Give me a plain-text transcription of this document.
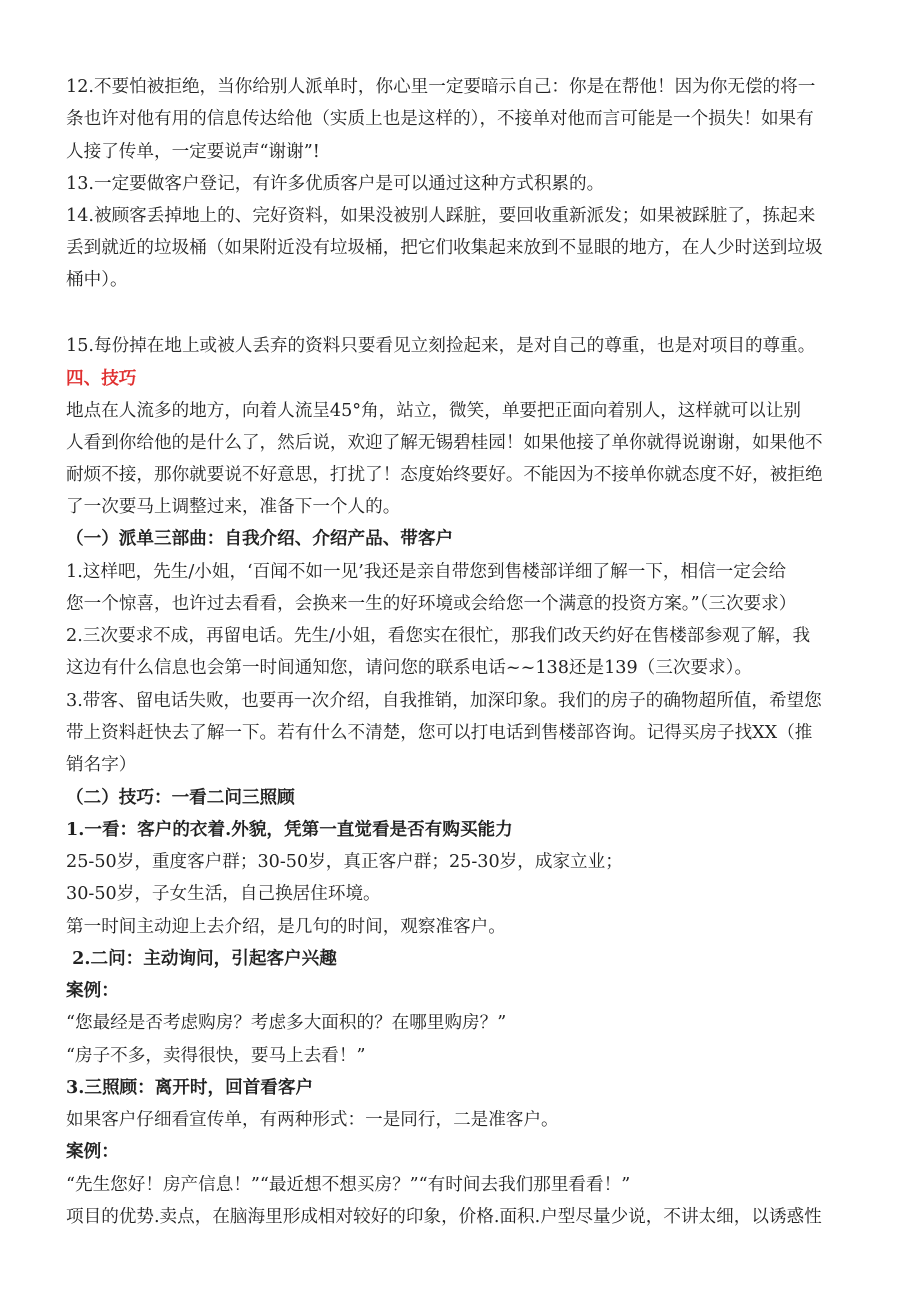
12.不要怕被拒绝，当你给别人派单时，你心里一定要暗示自己：你是在帮他！因为你无偿的将一
条也许对他有用的信息传达给他（实质上也是这样的），不接单对他而言可能是一个损失！如果有
人接了传单，一定要说声“谢谢”!
13.一定要做客户登记，有许多优质客户是可以通过这种方式积累的。
14.被顾客丢掉地上的、完好资料，如果没被别人踩脏，要回收重新派发；如果被踩脏了，拣起来
丢到就近的垃圾桶（如果附近没有垃圾桶，把它们收集起来放到不显眼的地方，在人少时送到垃圾
桶中）。
15.每份掉在地上或被人丢弃的资料只要看见立刻捡起来，是对自己的尊重，也是对项目的尊重。
四、技巧
地点在人流多的地方，向着人流呈45°角，站立，微笑，单要把正面向着别人，这样就可以让别
人看到你给他的是什么了，然后说，欢迎了解无锡碧桂园！如果他接了单你就得说谢谢，如果他不
耐烦不接，那你就要说不好意思，打扰了！态度始终要好。不能因为不接单你就态度不好，被拒绝
了一次要马上调整过来，准备下一个人的。
（一）派单三部曲：自我介绍、介绍产品、带客户
1.这样吧，先生/小姐，‘百闻不如一见’我还是亲自带您到售楼部详细了解一下，相信一定会给
您一个惊喜，也许过去看看，会换来一生的好环境或会给您一个满意的投资方案。”（三次要求）
2.三次要求不成，再留电话。先生/小姐，看您实在很忙，那我们改天约好在售楼部参观了解，我
这边有什么信息也会第一时间通知您，请问您的联系电话~~138还是139（三次要求）。
3.带客、留电话失败，也要再一次介绍，自我推销，加深印象。我们的房子的确物超所值，希望您
带上资料赶快去了解一下。若有什么不清楚，您可以打电话到售楼部咨询。记得买房子找XX（推
销名字）
（二）技巧：一看二问三照顾
1.一看：客户的衣着.外貌，凭第一直觉看是否有购买能力
25-50岁，重度客户群；30-50岁，真正客户群；25-30岁，成家立业；
30-50岁，子女生活，自己换居住环境。
第一时间主动迎上去介绍，是几句的时间，观察准客户。
2.二问：主动询问，引起客户兴趣
案例：
“您最经是否考虑购房？考虑多大面积的？在哪里购房？”
“房子不多，卖得很快，要马上去看！”
3.三照顾：离开时，回首看客户
如果客户仔细看宣传单，有两种形式：一是同行，二是准客户。
案例：
“先生您好！房产信息！”“最近想不想买房？”“有时间去我们那里看看！”
项目的优势.卖点，在脑海里形成相对较好的印象，价格.面积.户型尽量少说，不讲太细，以诱惑性
